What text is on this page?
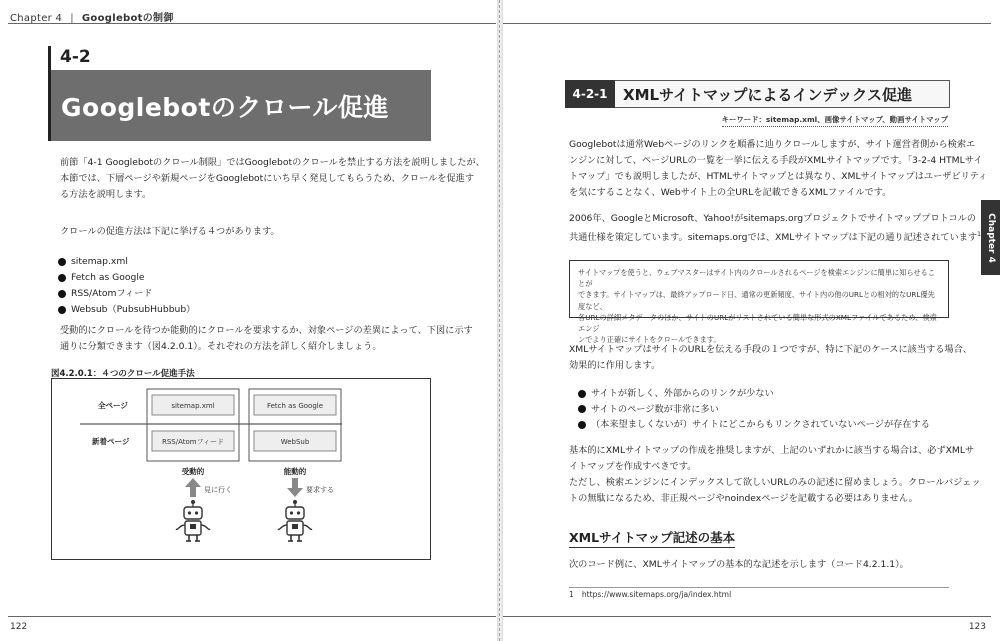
Chapter 4 | Googlebotの制御
4-2
Googlebotのクロール促進
前節「4-1 Googlebotのクロール制限」ではGooglebotのクロールを禁止する方法を説明しましたが、
本節では、下層ページや新規ページをGooglebotにいち早く発見してもらうため、クロールを促進す
る方法を説明します。
クロールの促進方法は下記に挙げる４つがあります。
sitemap.xml
Fetch as Google
RSS/Atomフィード
Websub（PubsubHubbub）
受動的にクロールを待つか能動的にクロールを要求するか、対象ページの差異によって、下図に示す
通りに分類できます（図4.2.0.1）。それぞれの方法を詳しく紹介しましょう。
図4.2.0.1：４つのクロール促進手法
sitemap.xml	Fetch as Google
RSS/Atomフィード	WebSub
全ページ
新着ページ
受動的	能動的
見に行く	要求する
122
Chapter 4
4-2-1	XMLサイトマップによるインデックス促進
キーワード：sitemap.xml、画像サイトマップ、動画サイトマップ
Googlebotは通常Webページのリンクを順番に辿りクロールしますが、サイト運営者側から検索エ
ンジンに対して、ページURLの一覧を一挙に伝える手段がXMLサイトマップです。「3-2-4 HTMLサイ
トマップ」でも説明しましたが、HTMLサイトマップとは異なり、XMLサイトマップはユーザビリティ
を気にすることなく、Webサイト上の全URLを記載できるXMLファイルです。
2006年、GoogleとMicrosoft、Yahoo!がsitemaps.orgプロジェクトでサイトマッププロトコルの
共通仕様を策定しています。sitemaps.orgでは、XMLサイトマップは下記の通り記述されています$^1$
サイトマップを使うと、ウェブマスターはサイト内のクロールされるページを検索エンジンに簡単に知らせることが
できます。サイトマップは、最終アップロード日、通常の更新頻度、サイト内の他のURLとの相対的なURL優先度など、
各URLの詳細メタデータのほか、サイトのURLがリストされている簡単な形式のXMLファイルであるため、検索エンジ
ンでより正確にサイトをクロールできます。
XMLサイトマップはサイトのURLを伝える手段の１つですが、特に下記のケースに該当する場合、
効果的に作用します。
サイトが新しく、外部からのリンクが少ない
サイトのページ数が非常に多い
（本来望ましくないが）サイトにどこからもリンクされていないページが存在する
基本的にXMLサイトマップの作成を推奨しますが、上記のいずれかに該当する場合は、必ずXMLサ
イトマップを作成すべきです。
ただし、検索エンジンにインデックスして欲しいURLのみの記述に留めましょう。クロールバジェッ
トの無駄になるため、非正規ページやnoindexページを記載する必要はありません。
XMLサイトマップ記述の基本
次のコード例に、XMLサイトマップの基本的な記述を示します（コード4.2.1.1）。
1 https://www.sitemaps.org/ja/index.html
123
